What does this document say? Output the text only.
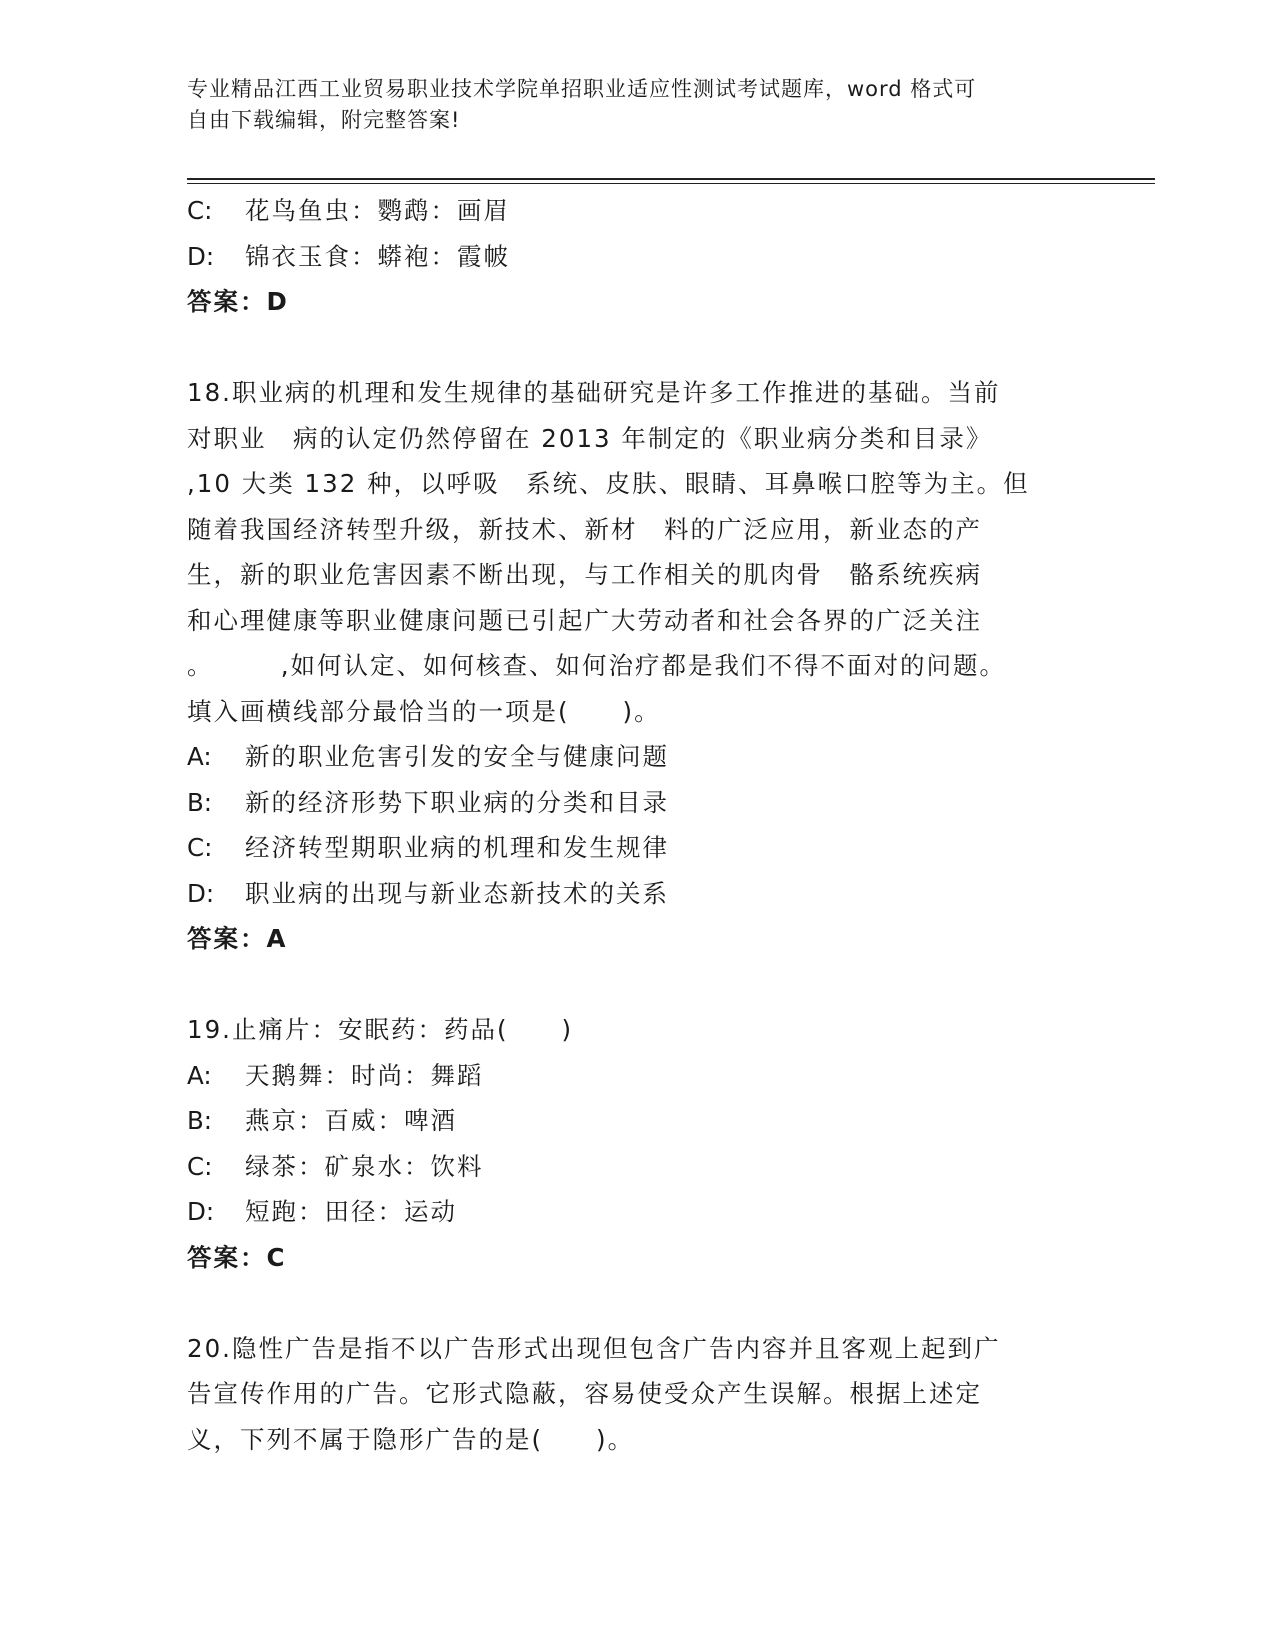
专业精品江西工业贸易职业技术学院单招职业适应性测试考试题库，word 格式可
自由下载编辑，附完整答案!
C: 花鸟鱼虫：鹦鹉：画眉
D: 锦衣玉食：蟒袍：霞帔
答案：D
18.职业病的机理和发生规律的基础研究是许多工作推进的基础。当前
对职业　病的认定仍然停留在 2013 年制定的《职业病分类和目录》
,10 大类 132 种，以呼吸　系统、皮肤、眼睛、耳鼻喉口腔等为主。但
随着我国经济转型升级，新技术、新材　料的广泛应用，新业态的产
生，新的职业危害因素不断出现，与工作相关的肌肉骨　骼系统疾病
和心理健康等职业健康问题已引起广大劳动者和社会各界的广泛关注
。　　　,如何认定、如何核查、如何治疗都是我们不得不面对的问题。
填入画横线部分最恰当的一项是(　　)。
A: 新的职业危害引发的安全与健康问题
B: 新的经济形势下职业病的分类和目录
C: 经济转型期职业病的机理和发生规律
D: 职业病的出现与新业态新技术的关系
答案：A
19.止痛片：安眠药：药品(　　)
A: 天鹅舞：时尚：舞蹈
B: 燕京：百威：啤酒
C: 绿茶：矿泉水：饮料
D: 短跑：田径：运动
答案：C
20.隐性广告是指不以广告形式出现但包含广告内容并且客观上起到广
告宣传作用的广告。它形式隐蔽，容易使受众产生误解。根据上述定
义，下列不属于隐形广告的是(　　)。
